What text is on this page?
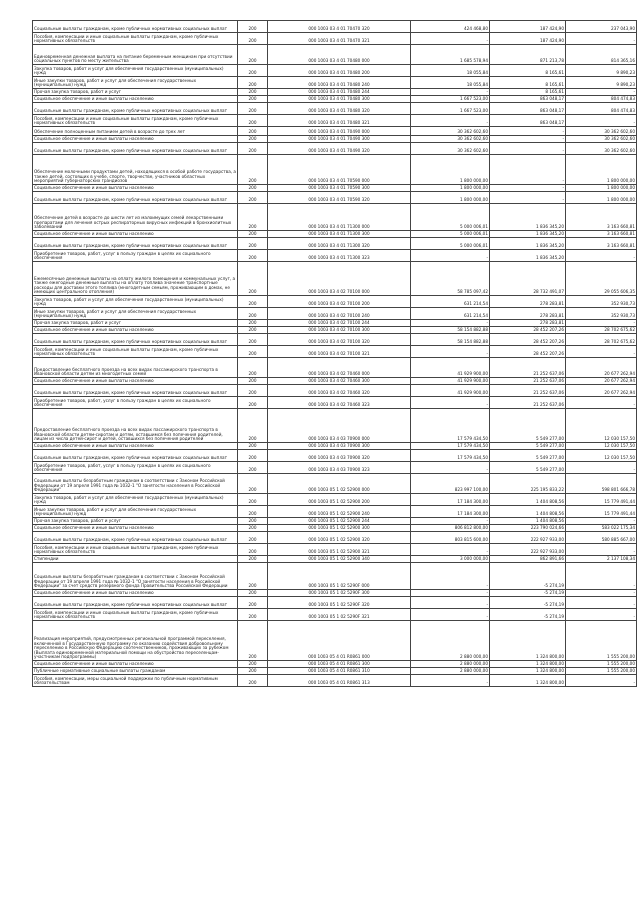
Социальные выплаты гражданам, кроме публичных нормативных социальных выплат	200	000 1003 03 4 01 70470 320	424 468,80	187 424,90	237 043,90
Пособия, компенсации и иные социальные выплаты гражданам, кроме публичных нормативных обязательств	200	000 1003 03 4 01 70470 321	-	187 424,90	-
Единовременная денежная выплата на питание беременным женщинам при отсутствии социальных пунктов по месту жительства	200	000 1003 03 4 01 70480 000	1 685 578,94	871 213,78	814 365,16
Закупка товаров, работ и услуг для обеспечения государственных (муниципальных) нужд	200	000 1003 03 4 01 70480 200	18 055,84	8 165,61	9 890,23
Иные закупки товаров, работ и услуг для обеспечения государственных (муниципальных) нужд	200	000 1003 03 4 01 70480 240	18 055,84	8 165,61	9 890,23
Прочая закупка товаров, работ и услуг	200	000 1003 03 4 01 70480 244	-	8 165,61	-
Социальное обеспечение и иные выплаты населению	200	000 1003 03 4 01 70480 300	1 667 523,00	863 048,17	804 474,83
Социальные выплаты гражданам, кроме публичных нормативных социальных выплат	200	000 1003 03 4 01 70480 320	1 667 523,00	863 048,17	804 474,83
Пособия, компенсации и иные социальные выплаты гражданам, кроме публичных нормативных обязательств	200	000 1003 03 4 01 70480 321	-	863 048,17	-
Обеспечение полноценным питанием детей в возрасте до трех лет	200	000 1003 03 4 01 70490 000	30 362 602,60	-	30 362 602,60
Социальное обеспечение и иные выплаты населению	200	000 1003 03 4 01 70490 300	30 362 602,60	-	30 362 602,60
Социальные выплаты гражданам, кроме публичных нормативных социальных выплат	200	000 1003 03 4 01 70490 320	30 362 602,60	-	30 362 602,60
Обеспечение молочными продуктами детей, находящихся в особой работе государства, а также детей, состоящих в учебе, спорте, творчестве, участников областных мероприятий губернаторских грандиозов	200	000 1003 03 4 01 70590 000	1 800 000,00	-	1 800 000,00
Социальное обеспечение и иные выплаты населению	200	000 1003 03 4 01 70590 300	1 800 000,00	-	1 800 000,00
Социальные выплаты гражданам, кроме публичных нормативных социальных выплат	200	000 1003 03 4 01 70590 320	1 800 000,00	-	1 800 000,00
Обеспечение детей в возрасте до шести лет из малоимущих семей лекарственными препаратами для лечения острых респираторных вирусных инфекций в бронхиолитных заболеваний	200	000 1003 03 4 01 71300 000	5 000 006,01	1 836 345,20	3 163 660,81
Социальное обеспечение и иные выплаты населению	200	000 1003 03 4 01 71300 300	5 000 006,01	1 836 345,20	3 163 660,81
Социальные выплаты гражданам, кроме публичных нормативных социальных выплат	200	000 1003 03 4 01 71300 320	5 000 006,01	1 836 345,20	3 163 660,81
Приобретение товаров, работ, услуг в пользу граждан в целях их социального обеспечения	200	000 1003 03 4 01 71300 323	-	1 836 345,20	-
Ежемесячные денежные выплаты на оплату жилого помещения и коммунальных услуг, а также ежегодные денежные выплаты на оплату топлива значение транспортные расходы для доставки этого топлива (многодетным семьям, проживающим в домах, не имеющих центрального отопления)	200	000 1003 03 4 02 70100 000	58 785 097,42	28 732 491,07	29 055 606,35
Закупка товаров, работ и услуг для обеспечения государственных (муниципальных) нужд	200	000 1003 03 4 02 70100 200	631 214,54	278 283,81	352 930,73
Иные закупки товаров, работ и услуг для обеспечения государственных (муниципальных) нужд	200	000 1003 03 4 02 70100 240	631 214,54	278 283,81	352 930,73
Прочая закупка товаров, работ и услуг	200	000 1003 03 4 02 70100 244	-	278 283,81	-
Социальное обеспечение и иные выплаты населению	200	000 1003 03 4 02 70100 300	58 154 882,88	28 452 207,26	28 702 675,62
Социальные выплаты гражданам, кроме публичных нормативных социальных выплат	200	000 1003 03 4 02 70100 320	58 154 882,88	28 452 207,26	28 702 675,62
Пособия, компенсации и иные социальные выплаты гражданам, кроме публичных нормативных обязательств	200	000 1003 03 4 02 70100 321	-	28 452 207,26	-
Предоставление бесплатного проезда на всех видах пассажирского транспорта в Ивановской области детям из многодетных семей	200	000 1003 03 4 02 70460 000	41 929 900,00	21 252 637,06	20 677 262,94
Социальное обеспечение и иные выплаты населению	200	000 1003 03 4 02 70460 300	41 929 900,00	21 252 637,06	20 677 262,94
Социальные выплаты гражданам, кроме публичных нормативных социальных выплат	200	000 1003 03 4 02 70460 320	41 929 900,00	21 252 637,06	20 677 262,94
Приобретение товаров, работ, услуг в пользу граждан в целях их социального обеспечения	200	000 1003 03 4 02 70460 323	-	21 252 637,06	-
Предоставление бесплатного проезда на всех видах пассажирского транспорта в Ивановской области детям-сиротам и детям, оставшимся без попечения родителей, лицам из числа детей-сирот и детей, оставшихся без попечения родителей	200	000 1003 03 4 03 70900 000	17 579 434,50	5 549 277,00	12 030 157,50
Социальное обеспечение и иные выплаты населению	200	000 1003 03 4 03 70900 300	17 579 434,50	5 549 277,00	12 030 157,50
Социальные выплаты гражданам, кроме публичных нормативных социальных выплат	200	000 1003 03 4 03 70900 320	17 579 434,50	5 549 277,00	12 030 157,50
Приобретение товаров, работ, услуг в пользу граждан в целях их социального обеспечения	200	000 1003 03 4 03 70900 323	-	5 549 277,00	-
Социальные выплаты безработным гражданам в соответствии с Законом Российской Федерации от 19 апреля 1991 года № 1032-1 "О занятости населения в Российской Федерации"	200	000 1003 05 1 02 52900 000	823 997 100,00	225 195 833,22	598 801 666,78
Закупка товаров, работ и услуг для обеспечения государственных (муниципальных) нужд	200	000 1003 05 1 02 52900 200	17 184 300,00	1 404 808,56	15 779 491,44
Иные закупки товаров, работ и услуг для обеспечения государственных (муниципальных) нужд	200	000 1003 05 1 02 52900 240	17 184 300,00	1 404 808,56	15 779 491,44
Прочая закупка товаров, работ и услуг	200	000 1003 05 1 02 52900 244	-	1 404 808,56	-
Социальное обеспечение и иные выплаты населению	200	000 1003 05 1 02 52900 300	806 812 800,00	223 790 024,66	583 022 175,34
Социальные выплаты гражданам, кроме публичных нормативных социальных выплат	200	000 1003 05 1 02 52900 320	803 815 600,00	222 927 933,00	580 885 667,00
Пособия, компенсации и иные социальные выплаты гражданам, кроме публичных нормативных обязательств	200	000 1003 05 1 02 52900 321	-	222 927 933,00	-
Стипендии	200	000 1003 05 1 02 52900 340	3 000 000,00	862 891,66	2 137 108,34
Социальные выплаты безработным гражданам в соответствии с Законом Российской Федерации от 19 апреля 1991 года № 1032-1 "О занятости населения в Российской Федерации" за счет средств резервного фонда Правительства Российской Федерации	200	000 1003 05 1 02 5290F 000	-	-5 274,19	-
Социальное обеспечение и иные выплаты населению	200	000 1003 05 1 02 5290F 300	-	-5 274,19	-
Социальные выплаты гражданам, кроме публичных нормативных социальных выплат	200	000 1003 05 1 02 5290F 320	-	-5 274,19	-
Пособия, компенсации и иные социальные выплаты гражданам, кроме публичных нормативных обязательств	200	000 1003 05 1 02 5290F 321	-	-5 274,19	-
Реализация мероприятий, предусмотренных региональной программой переселения, включенной в Государственную программу по оказанию содействия добровольному переселению в Российскую Федерацию соотечественников, проживающих за рубежом (Выплата единовременной материальной помощи на обустройство переселенцам-участникам подпрограммы)	200	000 1003 05 4 01 R0861 000	2 880 000,00	1 324 800,00	1 555 200,00
Социальное обеспечение и иные выплаты населению	200	000 1003 05 4 01 R0861 300	2 880 000,00	1 324 800,00	1 555 200,00
Публичные нормативные социальные выплаты гражданам	200	000 1003 05 4 01 R0861 310	2 880 000,00	1 324 800,00	1 555 200,00
Пособия, компенсации, меры социальной поддержки по публичным нормативным обязательствам	200	000 1003 05 4 01 R0861 313	-	1 324 800,00	-
